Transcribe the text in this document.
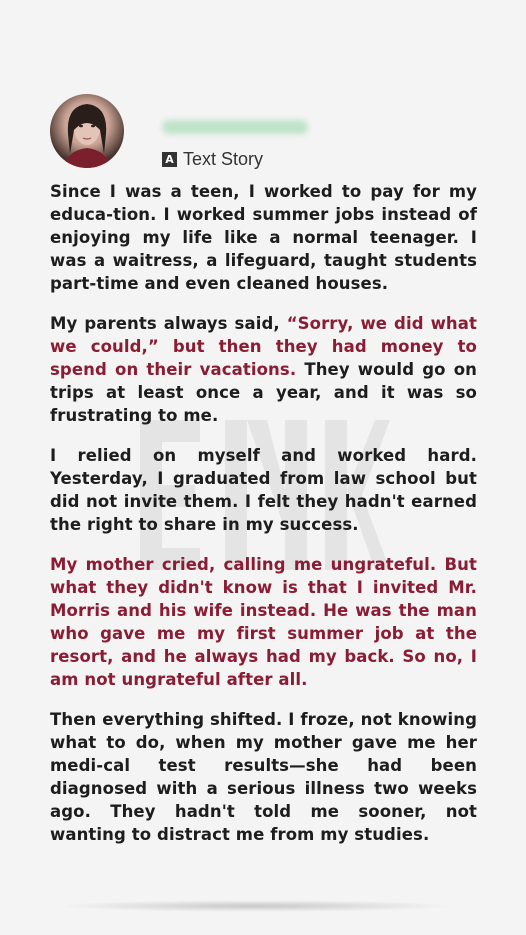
A Text Story

Since I was a teen, I worked to pay for my educa-tion. I worked summer jobs instead of enjoying my life like a normal teenager. I was a waitress, a lifeguard, taught students part-time and even cleaned houses.

My parents always said, “Sorry, we did what we could,” but then they had money to spend on their vacations. They would go on trips at least once a year, and it was so frustrating to me.

I relied on myself and worked hard. Yesterday, I graduated from law school but did not invite them. I felt they hadn't earned the right to share in my success.

My mother cried, calling me ungrateful. But what they didn't know is that I invited Mr. Morris and his wife instead. He was the man who gave me my first summer job at the resort, and he always had my back. So no, I am not ungrateful after all.

Then everything shifted. I froze, not knowing what to do, when my mother gave me her medi-cal test results—she had been diagnosed with a serious illness two weeks ago. They hadn't told me sooner, not wanting to distract me from my studies.
